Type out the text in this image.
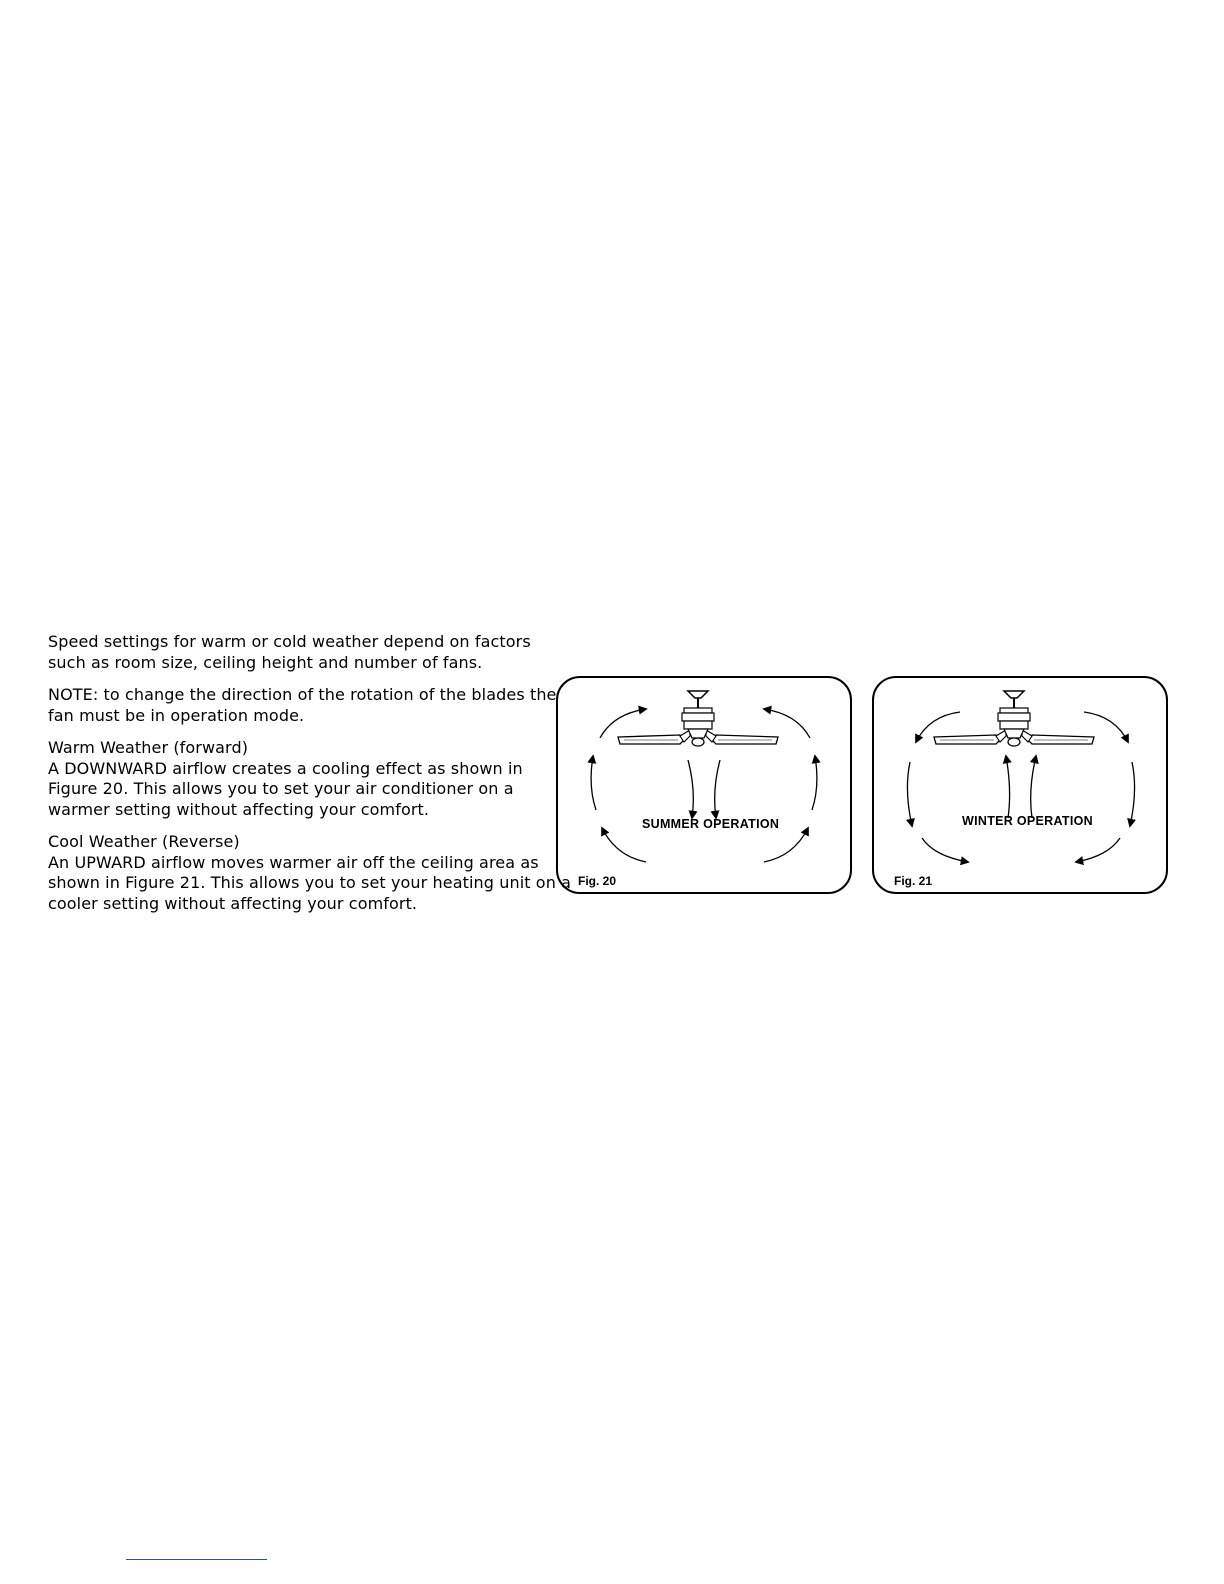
Speed settings for warm or cold weather depend on factors
such as room size, ceiling height and number of fans.

NOTE: to change the direction of the rotation of the blades the
fan must be in operation mode.

Warm Weather (forward)
A DOWNWARD airflow creates a cooling effect as shown in
Figure 20. This allows you to set your air conditioner on a
warmer setting without affecting your comfort.

Cool Weather (Reverse)
An UPWARD airflow moves warmer air off the ceiling area as
shown in Figure 21. This allows you to set your heating unit on a
cooler setting without affecting your comfort.

SUMMER OPERATION
Fig. 20
WINTER OPERATION
Fig. 21
